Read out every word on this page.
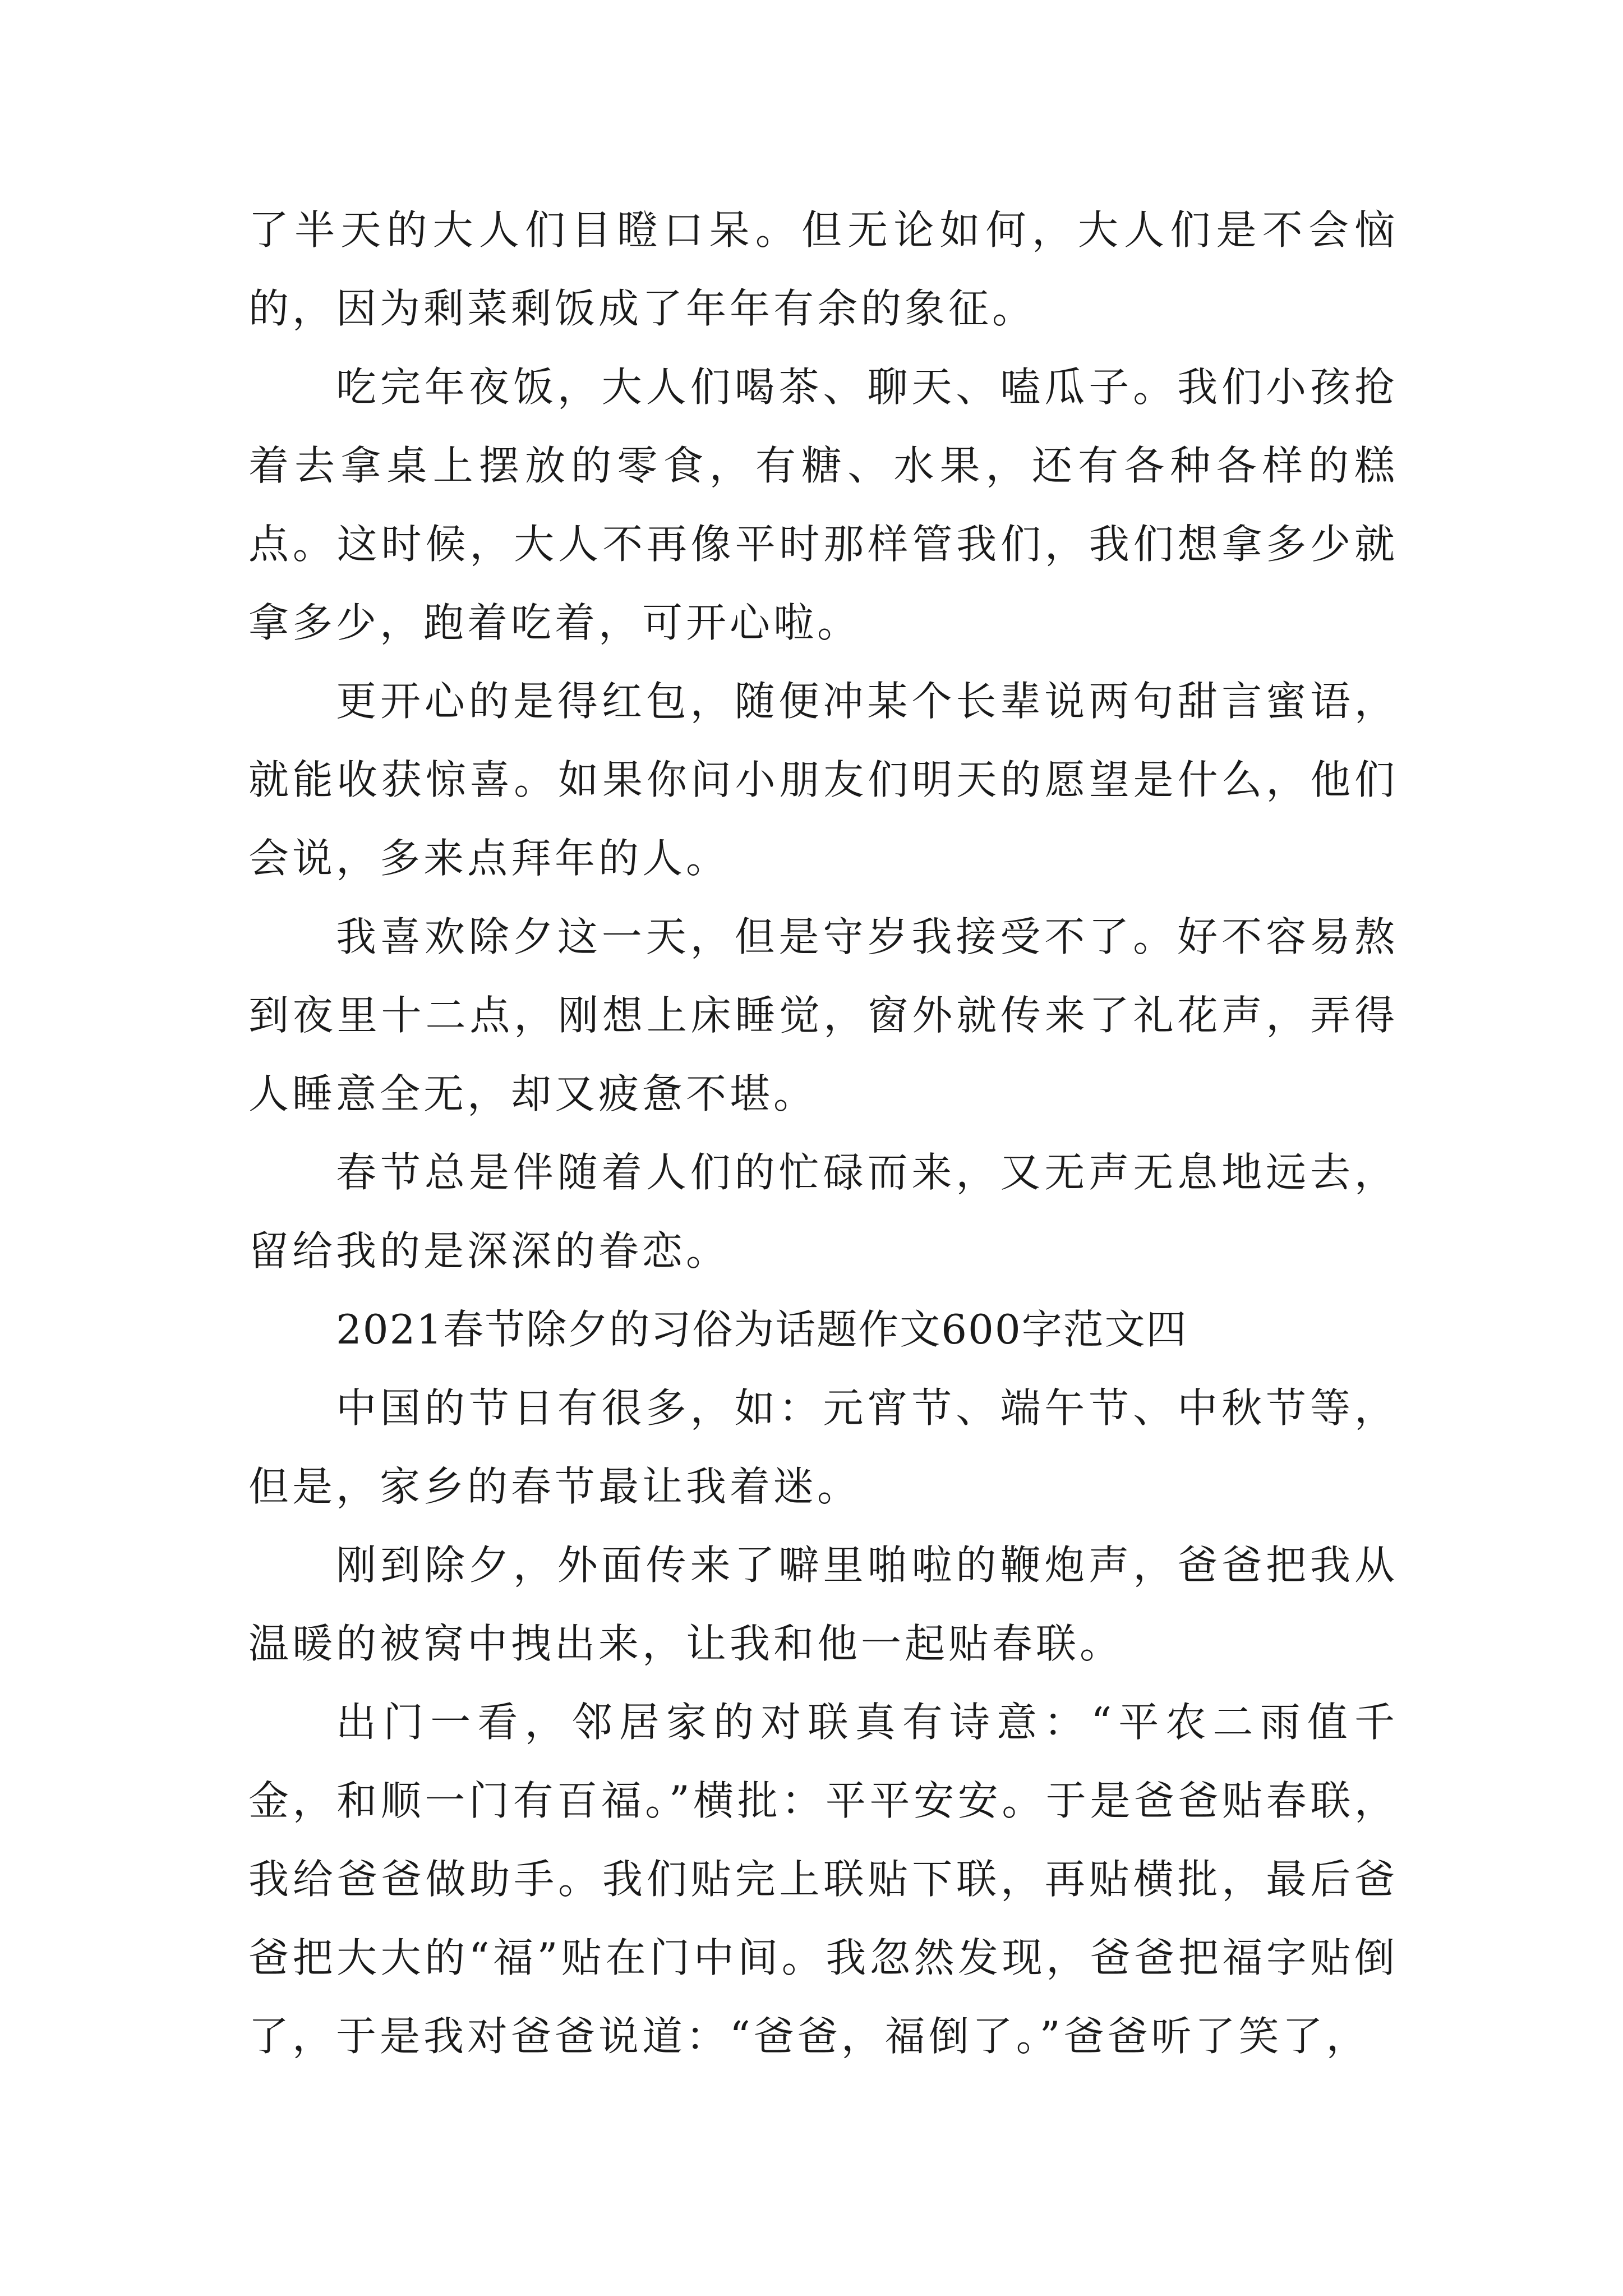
了半天的大人们目瞪口呆。但无论如何，大人们是不会恼的，因为剩菜剩饭成了年年有余的象征。

吃完年夜饭，大人们喝茶、聊天、嗑瓜子。我们小孩抢着去拿桌上摆放的零食，有糖、水果，还有各种各样的糕点。这时候，大人不再像平时那样管我们，我们想拿多少就拿多少，跑着吃着，可开心啦。

更开心的是得红包，随便冲某个长辈说两句甜言蜜语，就能收获惊喜。如果你问小朋友们明天的愿望是什么，他们会说，多来点拜年的人。

我喜欢除夕这一天，但是守岁我接受不了。好不容易熬到夜里十二点，刚想上床睡觉，窗外就传来了礼花声，弄得人睡意全无，却又疲惫不堪。

春节总是伴随着人们的忙碌而来，又无声无息地远去，留给我的是深深的眷恋。

2021春节除夕的习俗为话题作文600字范文四

中国的节日有很多，如：元宵节、端午节、中秋节等，但是，家乡的春节最让我着迷。

刚到除夕，外面传来了噼里啪啦的鞭炮声，爸爸把我从温暖的被窝中拽出来，让我和他一起贴春联。

出门一看，邻居家的对联真有诗意：“平农二雨值千金，和顺一门有百福。”横批：平平安安。于是爸爸贴春联，我给爸爸做助手。我们贴完上联贴下联，再贴横批，最后爸爸把大大的“福”贴在门中间。我忽然发现，爸爸把福字贴倒了，于是我对爸爸说道：“爸爸，福倒了。”爸爸听了笑了，
